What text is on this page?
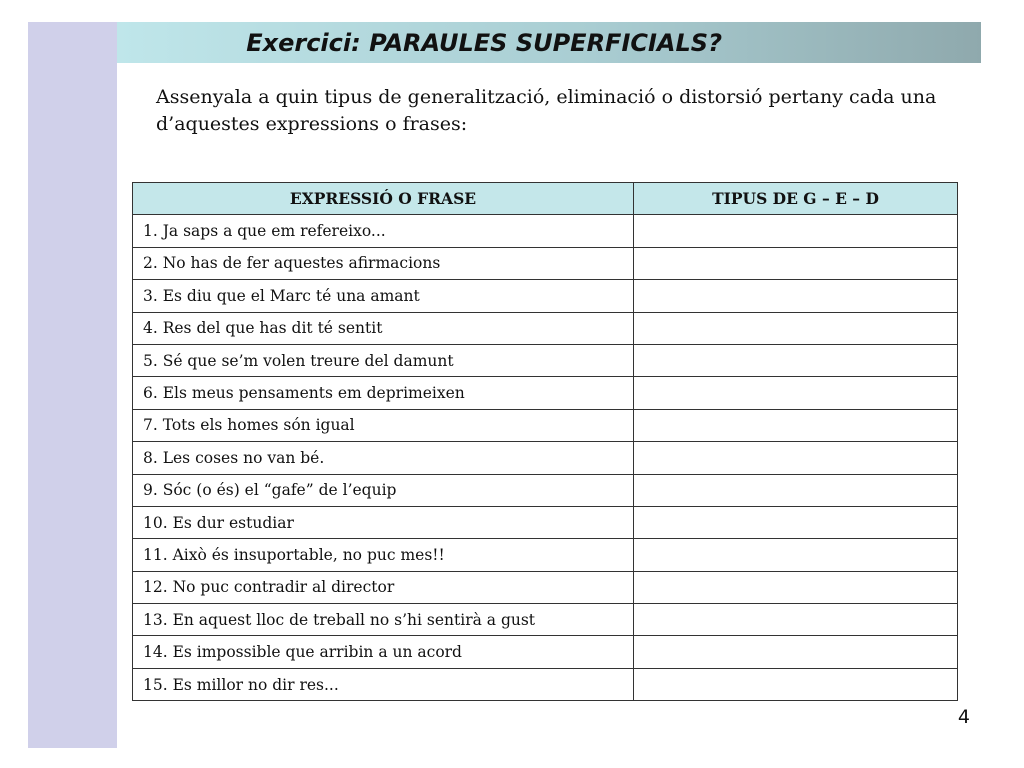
Exercici: PARAULES SUPERFICIALS?
Assenyala a quin tipus de generalització, eliminació o distorsió pertany cada una d’aquestes expressions o frases:
EXPRESSIÓ O FRASE	TIPUS DE G – E – D
1. Ja saps a que em refereixo...	
2. No has de fer aquestes afirmacions	
3. Es diu que el Marc té una amant	
4. Res del que has dit té sentit	
5. Sé que se’m volen treure del damunt	
6. Els meus pensaments em deprimeixen	
7. Tots els homes són igual	
8. Les coses no van bé.	
9. Sóc (o és) el “gafe” de l’equip	
10. Es dur estudiar	
11. Això és insuportable, no puc mes!!	
12. No puc contradir al director	
13. En aquest lloc de treball no s’hi sentirà a gust	
14. Es impossible que arribin a un acord	
15. Es millor no dir res...	
4
